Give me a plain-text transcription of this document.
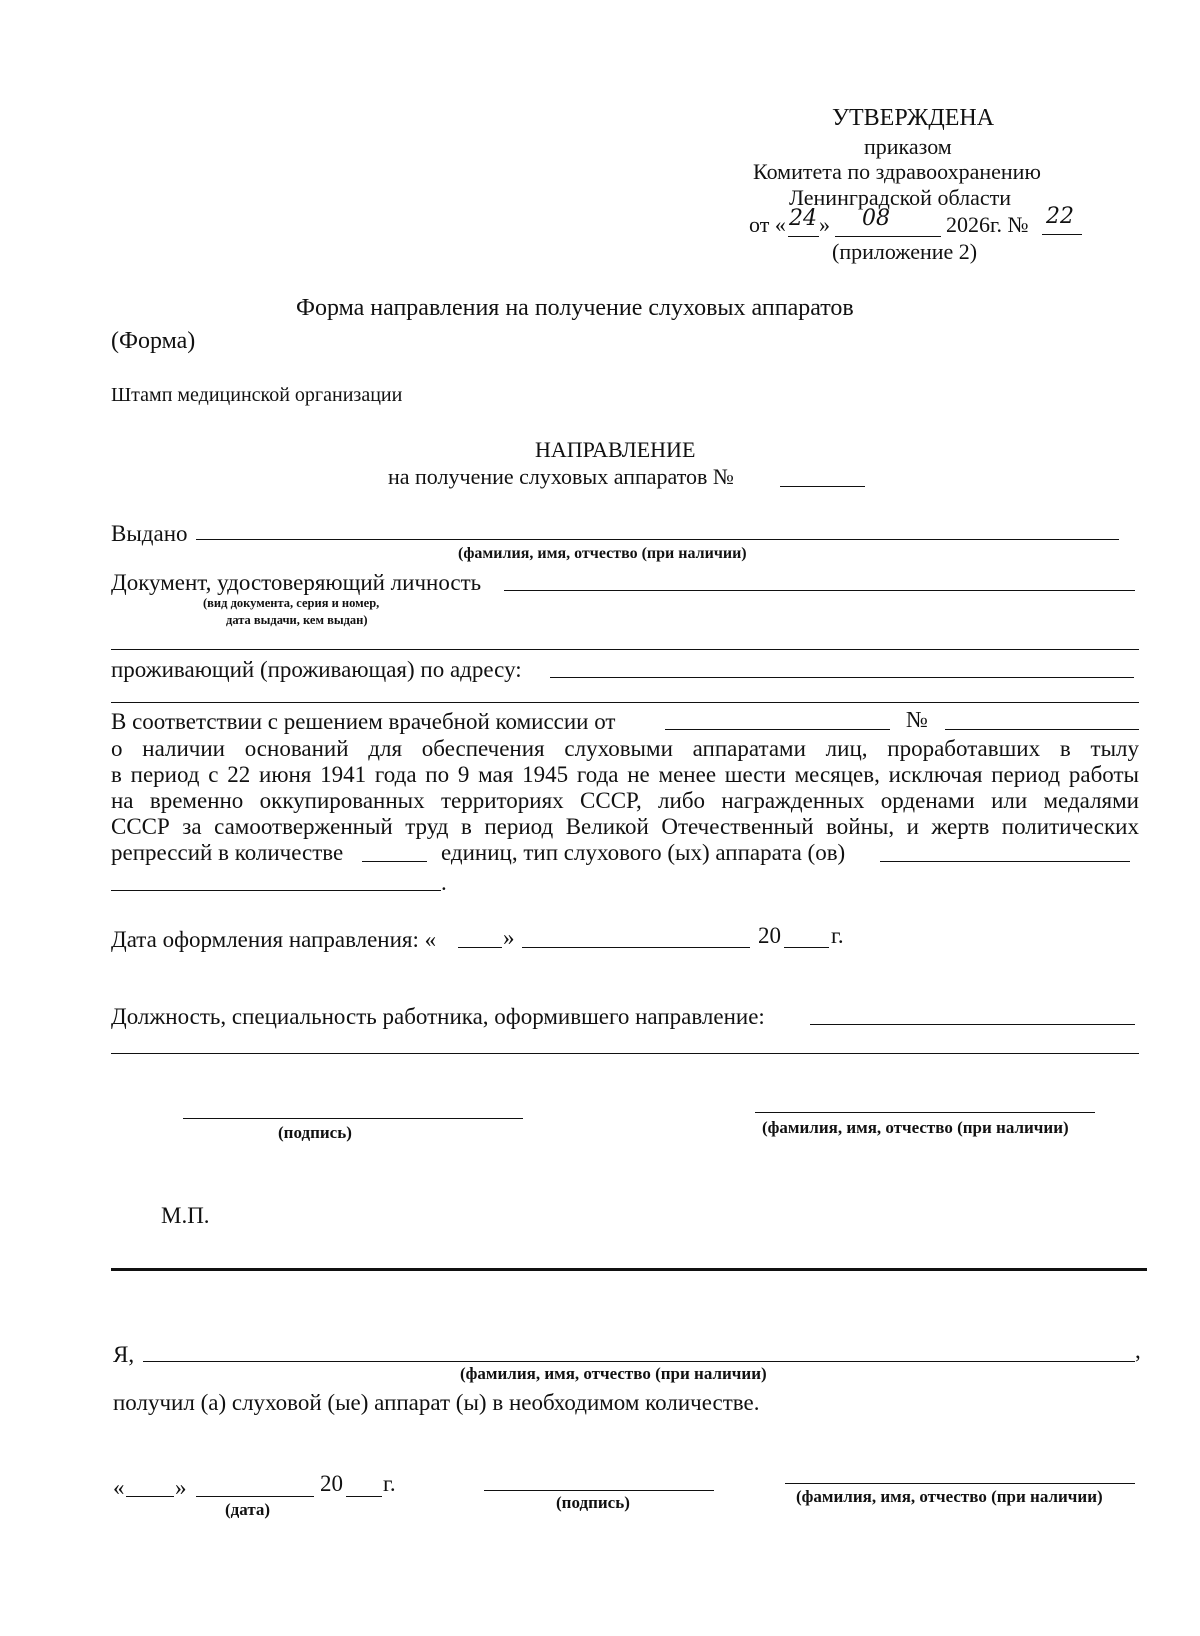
УТВЕРЖДЕНА
приказом
Комитета по здравоохранению
Ленинградской области
от « 24 » 08	2026г. № 22
(приложение 2)
Форма направления на получение слуховых аппаратов
(Форма)
Штамп медицинской организации
НАПРАВЛЕНИЕ
на получение слуховых аппаратов №
Выдано
(фамилия, имя, отчество (при наличии)
Документ, удостоверяющий личность
(вид документа, серия и номер,
дата выдачи, кем выдан)
проживающий (проживающая) по адресу:
В соответствии с решением врачебной комиссии от	№
о наличии оснований для обеспечения слуховыми аппаратами лиц, проработавших в тылу
в период с 22 июня 1941 года по 9 мая 1945 года не менее шести месяцев, исключая период работы
на временно оккупированных территориях СССР, либо награжденных орденами или медалями
СССР за самоотверженный труд в период Великой Отечественный войны, и жертв политических
репрессий в количестве	единиц, тип слухового (ых) аппарата (ов)
.
Дата оформления направления: «	»	20 г.
Должность, специальность работника, оформившего направление:
(подпись)	(фамилия, имя, отчество (при наличии)
М.П.
Я,	,
(фамилия, имя, отчество (при наличии)
получил (а) слуховой (ые) аппарат (ы) в необходимом количестве.
« »	20 г.
(дата)	(подпись)	(фамилия, имя, отчество (при наличии)
